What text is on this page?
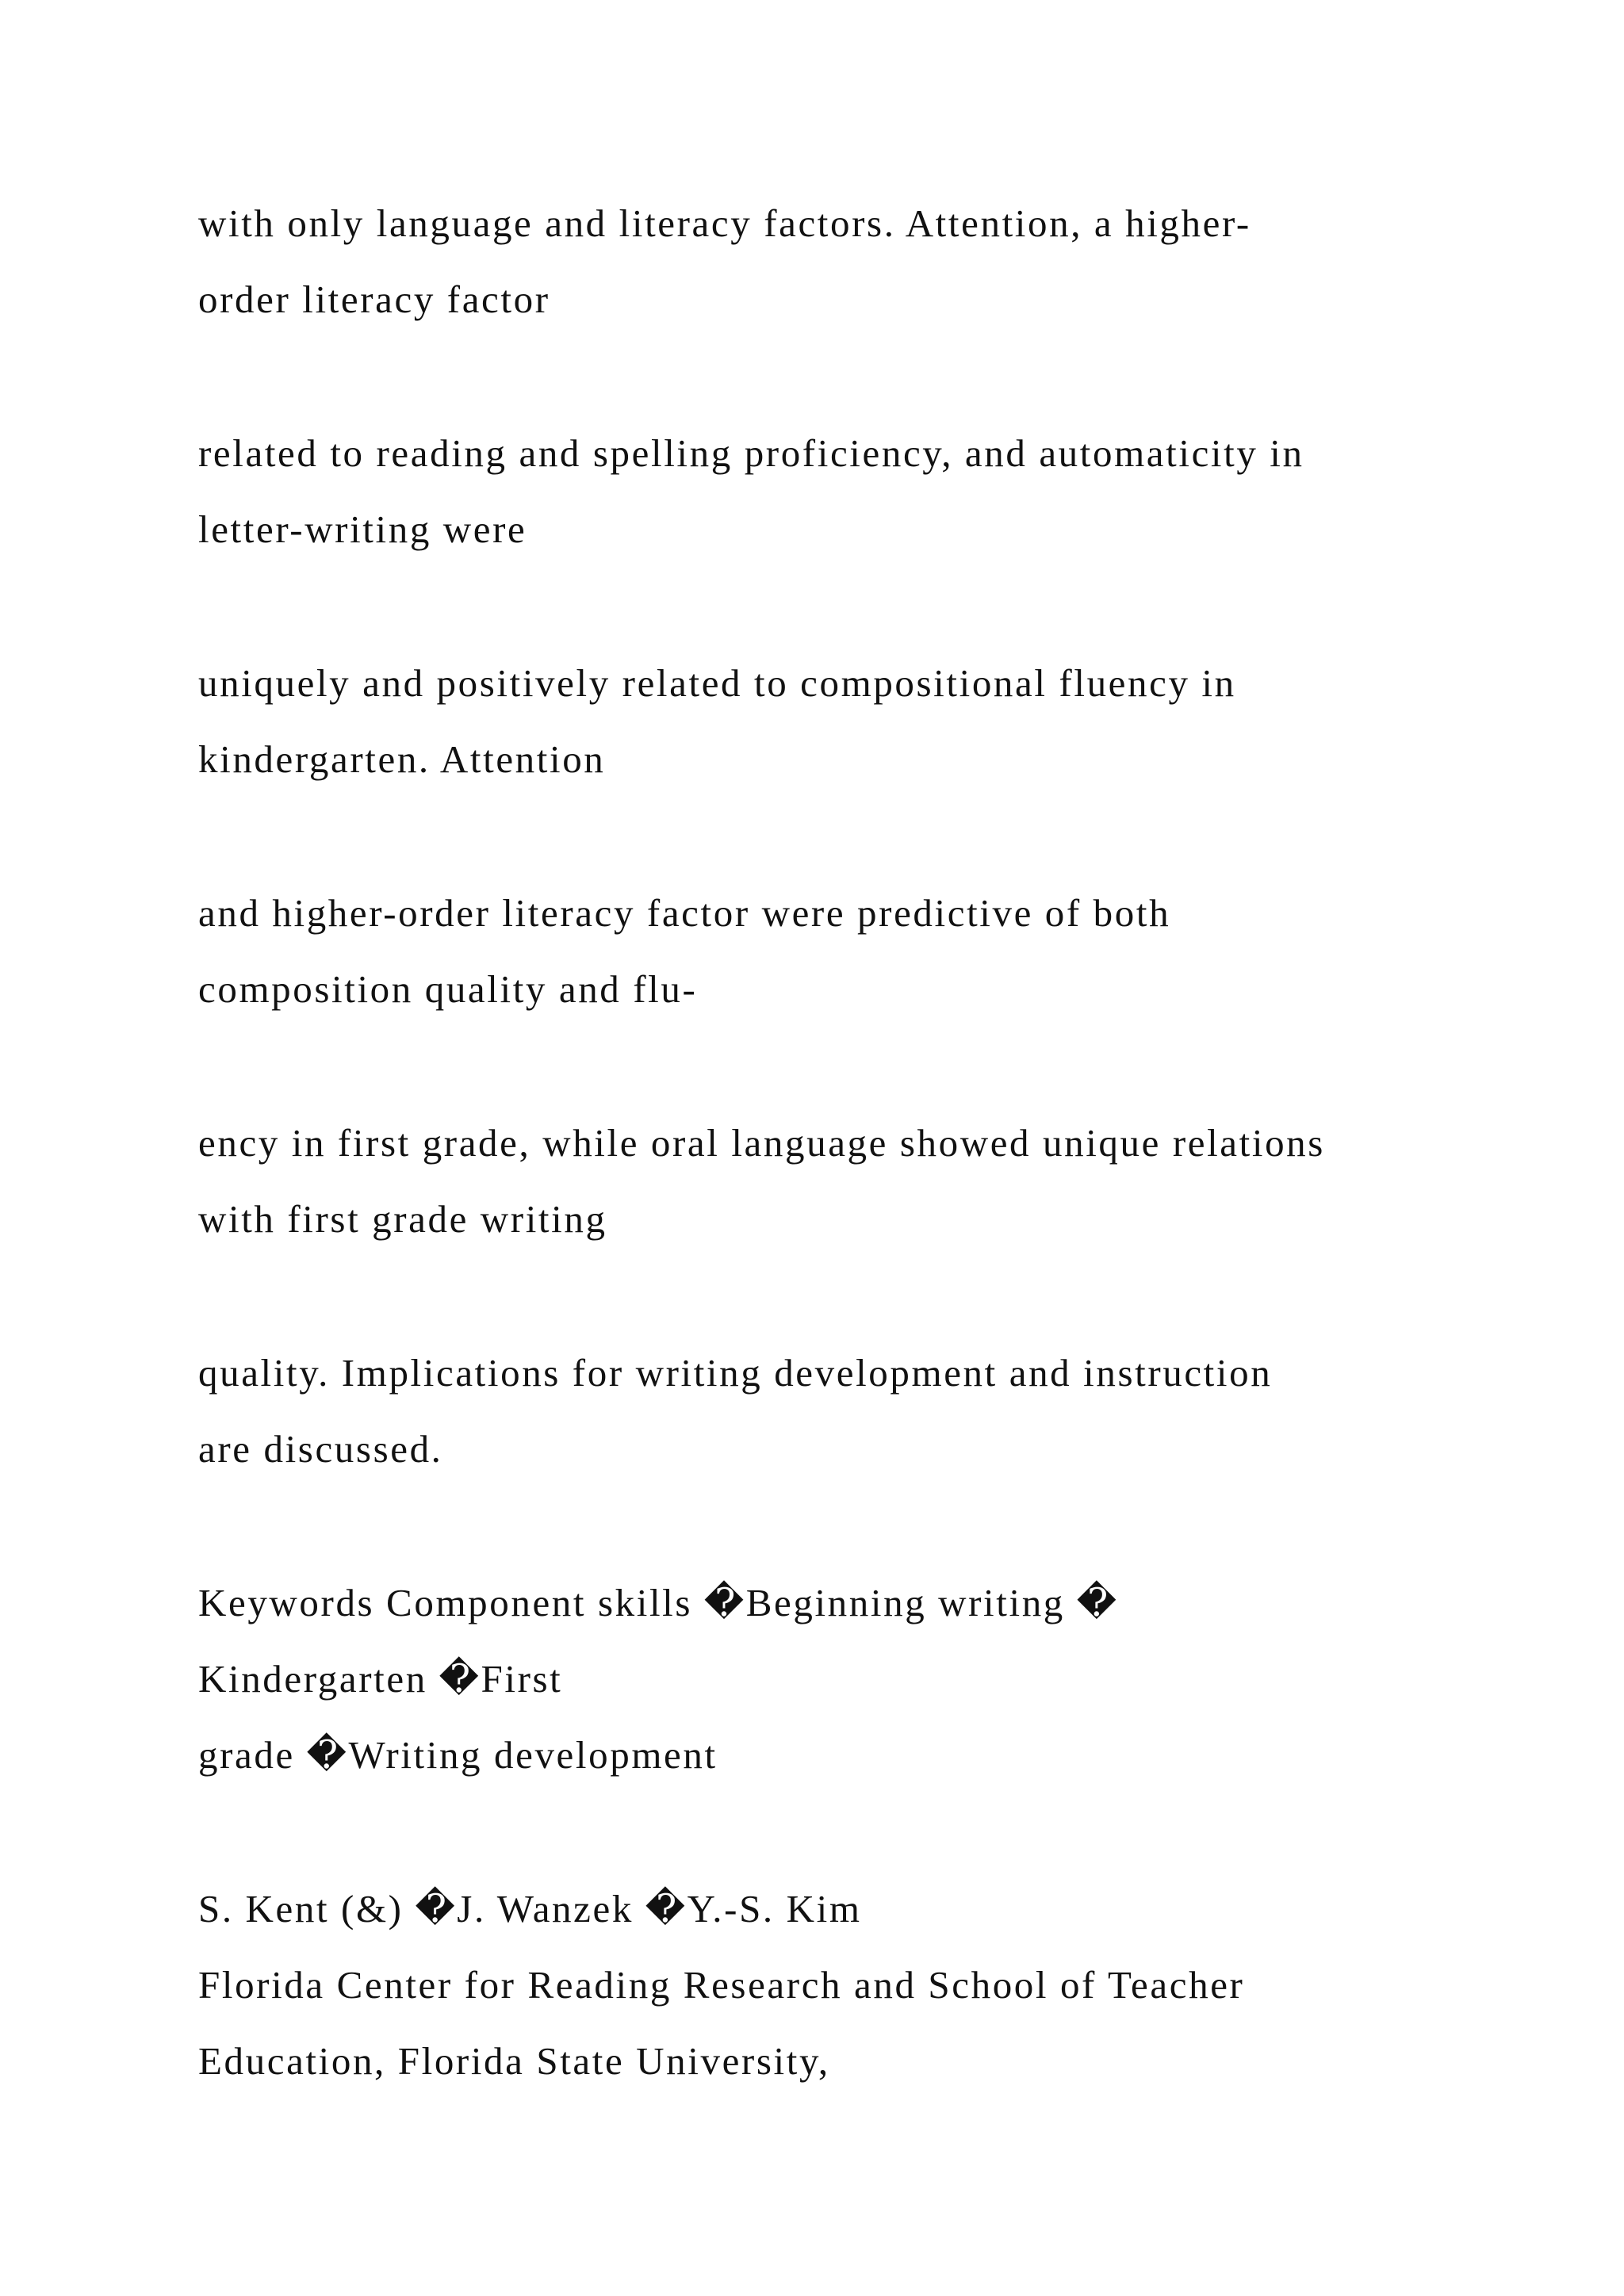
with only language and literacy factors. Attention, a higher-
order literacy factor

related to reading and spelling proficiency, and automaticity in
letter-writing were

uniquely and positively related to compositional fluency in
kindergarten. Attention

and higher-order literacy factor were predictive of both
composition quality and flu-

ency in first grade, while oral language showed unique relations
with first grade writing

quality. Implications for writing development and instruction
are discussed.

Keywords Component skills �Beginning writing �
Kindergarten �First
grade �Writing development

S. Kent (&) �J. Wanzek �Y.-S. Kim
Florida Center for Reading Research and School of Teacher
Education, Florida State University,
